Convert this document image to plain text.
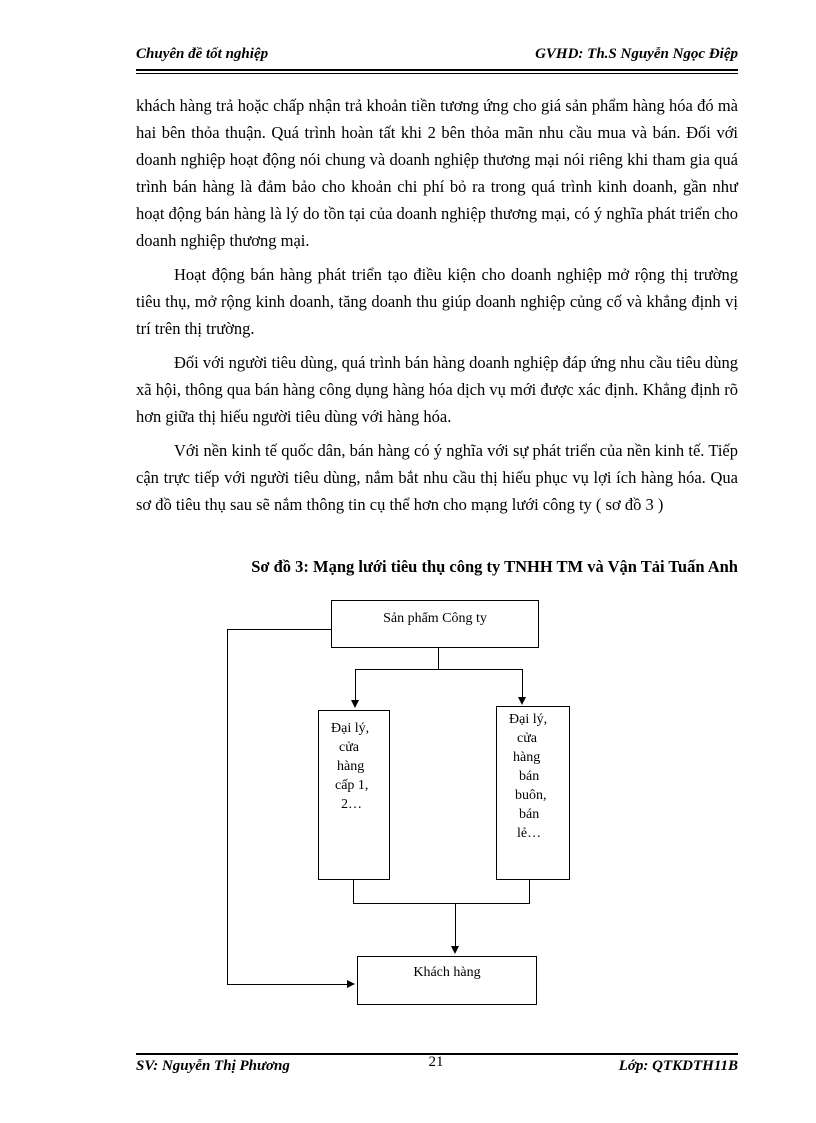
Chuyên đề tốt nghiệp	GVHD: Th.S Nguyễn Ngọc Điệp

khách hàng trả hoặc chấp nhận trả khoản tiền tương ứng cho giá sản phẩm hàng hóa đó mà hai bên thỏa thuận. Quá trình hoàn tất khi 2 bên thỏa mãn nhu cầu mua và bán. Đối với doanh nghiệp hoạt động nói chung và doanh nghiệp thương mại nói riêng khi tham gia quá trình bán hàng là đảm bảo cho khoản chi phí bỏ ra trong quá trình kinh doanh, gần như hoạt động bán hàng là lý do tồn tại của doanh nghiệp thương mại, có ý nghĩa phát triển cho doanh nghiệp thương mại.

Hoạt động bán hàng phát triển tạo điều kiện cho doanh nghiệp mở rộng thị trường tiêu thụ, mở rộng kinh doanh, tăng doanh thu giúp doanh nghiệp củng cố và khẳng định vị trí trên thị trường.

Đối với người tiêu dùng, quá trình bán hàng doanh nghiệp đáp ứng nhu cầu tiêu dùng xã hội, thông qua bán hàng công dụng hàng hóa dịch vụ mới được xác định. Khẳng định rõ hơn giữa thị hiếu người tiêu dùng với hàng hóa.

Với nền kinh tế quốc dân, bán hàng có ý nghĩa với sự phát triển của nền kinh tế. Tiếp cận trực tiếp với người tiêu dùng, nắm bắt nhu cầu thị hiếu phục vụ lợi ích hàng hóa. Qua sơ đồ tiêu thụ sau sẽ nắm thông tin cụ thể hơn cho mạng lưới công ty ( sơ đồ 3 )

Sơ đồ 3: Mạng lưới tiêu thụ công ty TNHH TM và Vận Tải Tuấn Anh
Sản phẩm Công ty
Đại lý,
cửa
hàng
cấp 1,
2…
Đại lý,
cửa
hàng
bán
buôn,
bán
lẻ…
Khách hàng
SV: Nguyễn Thị Phương	21	Lớp: QTKDTH11B
